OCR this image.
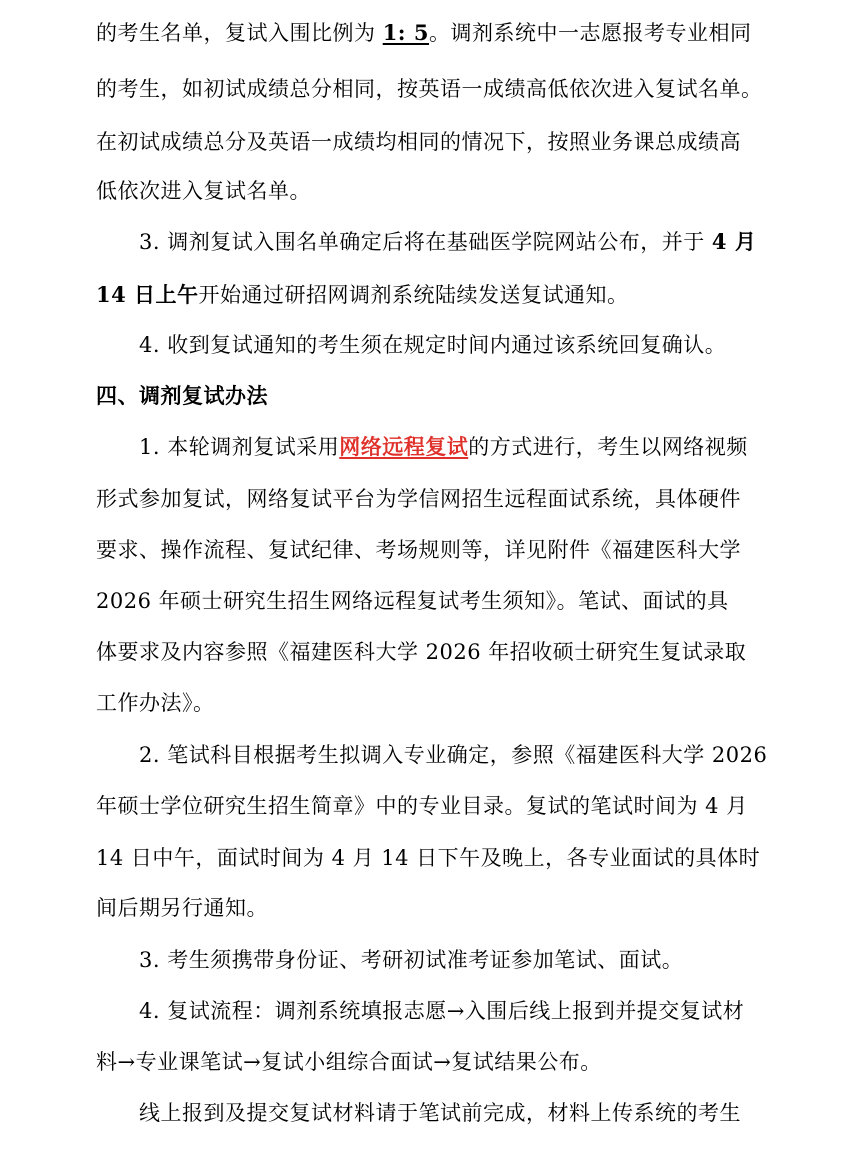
的考生名单，复试入围比例为 1: 5。调剂系统中一志愿报考专业相同
的考生，如初试成绩总分相同，按英语一成绩高低依次进入复试名单。
在初试成绩总分及英语一成绩均相同的情况下，按照业务课总成绩高
低依次进入复试名单。
3. 调剂复试入围名单确定后将在基础医学院网站公布，并于 4 月
14 日上午开始通过研招网调剂系统陆续发送复试通知。
4. 收到复试通知的考生须在规定时间内通过该系统回复确认。
四、调剂复试办法
1. 本轮调剂复试采用网络远程复试的方式进行，考生以网络视频
形式参加复试，网络复试平台为学信网招生远程面试系统，具体硬件
要求、操作流程、复试纪律、考场规则等，详见附件《福建医科大学
2026 年硕士研究生招生网络远程复试考生须知》。笔试、面试的具
体要求及内容参照《福建医科大学 2026 年招收硕士研究生复试录取
工作办法》。
2. 笔试科目根据考生拟调入专业确定，参照《福建医科大学 2026
年硕士学位研究生招生简章》中的专业目录。复试的笔试时间为 4 月
14 日中午，面试时间为 4 月 14 日下午及晚上，各专业面试的具体时
间后期另行通知。
3. 考生须携带身份证、考研初试准考证参加笔试、面试。
4. 复试流程：调剂系统填报志愿→入围后线上报到并提交复试材
料→专业课笔试→复试小组综合面试→复试结果公布。
线上报到及提交复试材料请于笔试前完成，材料上传系统的考生
